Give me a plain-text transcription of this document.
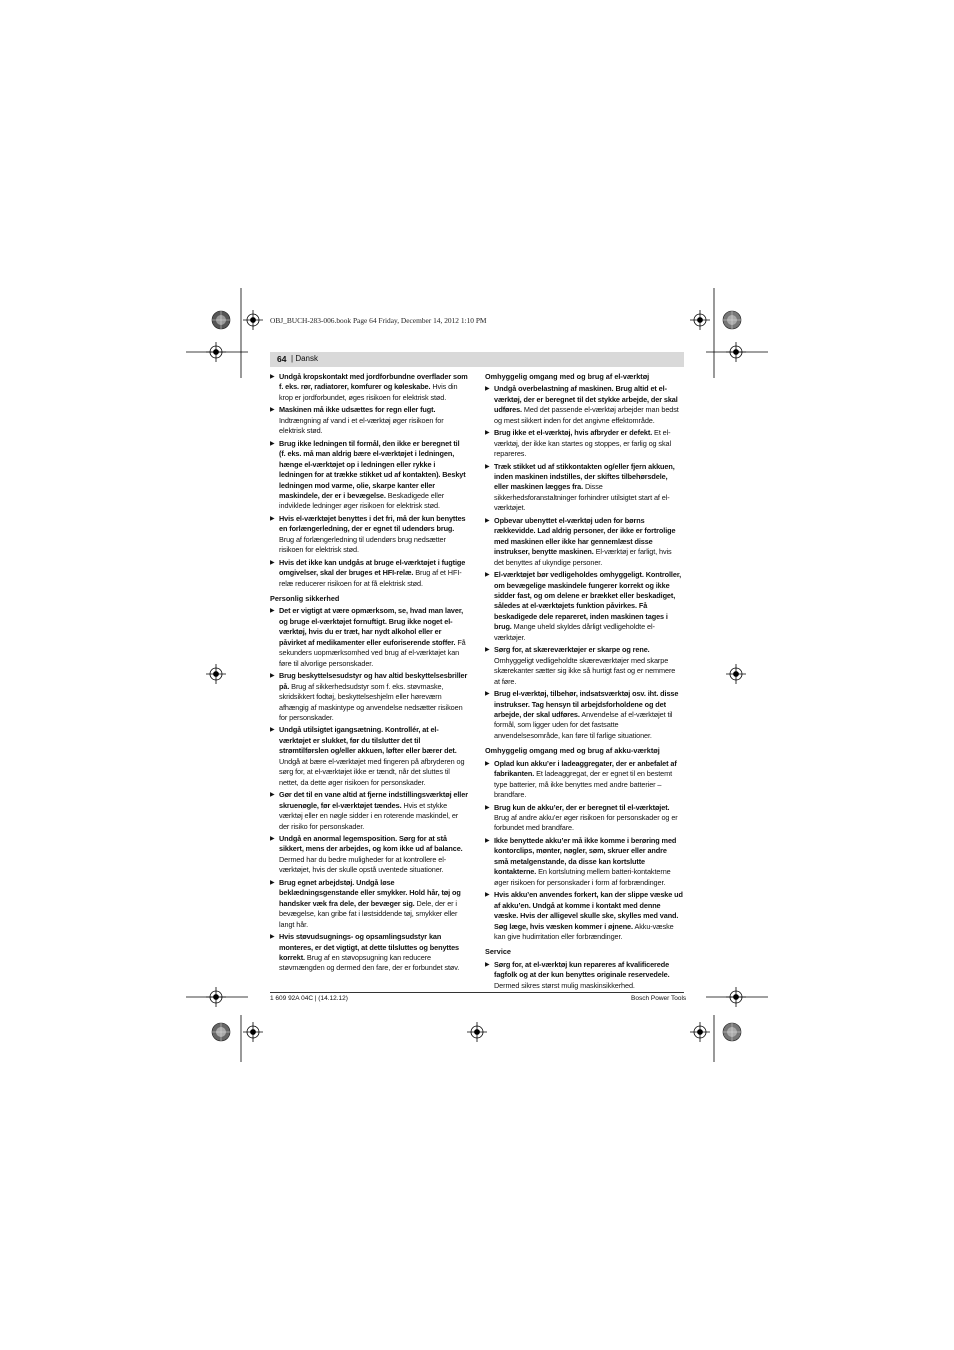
OBJ_BUCH-283-006.book Page 64 Friday, December 14, 2012 1:10 PM
64 | Dansk
▶ Undgå kropskontakt med jordforbundne overflader som f. eks. rør, radiatorer, komfurer og køleskabe. Hvis din krop er jordforbundet, øges risikoen for elektrisk stød.
▶ Maskinen må ikke udsættes for regn eller fugt. Indtrængning af vand i et el-værktøj øger risikoen for elektrisk stød.
▶ Brug ikke ledningen til formål, den ikke er beregnet til (f. eks. må man aldrig bære el-værktøjet i ledningen, hænge el-værktøjet op i ledningen eller rykke i ledningen for at trække stikket ud af kontakten). Beskyt ledningen mod varme, olie, skarpe kanter eller maskindele, der er i bevægelse. Beskadigede eller indviklede ledninger øger risikoen for elektrisk stød.
▶ Hvis el-værktøjet benyttes i det fri, må der kun benyttes en forlængerledning, der er egnet til udendørs brug. Brug af forlængerledning til udendørs brug nedsætter risikoen for elektrisk stød.
▶ Hvis det ikke kan undgås at bruge el-værktøjet i fugtige omgivelser, skal der bruges et HFI-relæ. Brug af et HFI-relæ reducerer risikoen for at få elektrisk stød.
Personlig sikkerhed
▶ Det er vigtigt at være opmærksom, se, hvad man laver, og bruge el-værktøjet fornuftigt. Brug ikke noget el-værktøj, hvis du er træt, har nydt alkohol eller er påvirket af medikamenter eller euforiserende stoffer. Få sekunders uopmærksomhed ved brug af el-værktøjet kan føre til alvorlige personskader.
▶ Brug beskyttelsesudstyr og hav altid beskyttelsesbriller på. Brug af sikkerhedsudstyr som f. eks. støvmaske, skridsikkert fodtøj, beskyttelseshjelm eller høreværn afhængig af maskintype og anvendelse nedsætter risikoen for personskader.
▶ Undgå utilsigtet igangsætning. Kontrollér, at el-værktøjet er slukket, før du tilslutter det til strømtilførslen og/eller akkuen, løfter eller bærer det. Undgå at bære el-værktøjet med fingeren på afbryderen og sørg for, at el-værktøjet ikke er tændt, når det sluttes til nettet, da dette øger risikoen for personskader.
▶ Gør det til en vane altid at fjerne indstillingsværktøj eller skruenøgle, før el-værktøjet tændes. Hvis et stykke værktøj eller en nøgle sidder i en roterende maskindel, er der risiko for personskader.
▶ Undgå en anormal legemsposition. Sørg for at stå sikkert, mens der arbejdes, og kom ikke ud af balance. Dermed har du bedre muligheder for at kontrollere el-værktøjet, hvis der skulle opstå uventede situationer.
▶ Brug egnet arbejdstøj. Undgå løse beklædningsgenstande eller smykker. Hold hår, tøj og handsker væk fra dele, der bevæger sig. Dele, der er i bevægelse, kan gribe fat i løstsiddende tøj, smykker eller langt hår.
▶ Hvis støvudsugnings- og opsamlingsudstyr kan monteres, er det vigtigt, at dette tilsluttes og benyttes korrekt. Brug af en støvopsugning kan reducere støvmængden og dermed den fare, der er forbundet støv.
Omhyggelig omgang med og brug af el-værktøj
▶ Undgå overbelastning af maskinen. Brug altid et el-værktøj, der er beregnet til det stykke arbejde, der skal udføres. Med det passende el-værktøj arbejder man bedst og mest sikkert inden for det angivne effektområde.
▶ Brug ikke et el-værktøj, hvis afbryder er defekt. Et el-værktøj, der ikke kan startes og stoppes, er farlig og skal repareres.
▶ Træk stikket ud af stikkontakten og/eller fjern akkuen, inden maskinen indstilles, der skiftes tilbehørsdele, eller maskinen lægges fra. Disse sikkerhedsforanstaltninger forhindrer utilsigtet start af el-værktøjet.
▶ Opbevar ubenyttet el-værktøj uden for børns rækkevidde. Lad aldrig personer, der ikke er fortrolige med maskinen eller ikke har gennemlæst disse instrukser, benytte maskinen. El-værktøj er farligt, hvis det benyttes af ukyndige personer.
▶ El-værktøjet bør vedligeholdes omhyggeligt. Kontroller, om bevægelige maskindele fungerer korrekt og ikke sidder fast, og om delene er brækket eller beskadiget, således at el-værktøjets funktion påvirkes. Få beskadigede dele repareret, inden maskinen tages i brug. Mange uheld skyldes dårligt vedligeholdte el-værktøjer.
▶ Sørg for, at skæreværktøjer er skarpe og rene. Omhyggeligt vedligeholdte skæreværktøjer med skarpe skærekanter sætter sig ikke så hurtigt fast og er nemmere at føre.
▶ Brug el-værktøj, tilbehør, indsatsværktøj osv. iht. disse instrukser. Tag hensyn til arbejdsforholdene og det arbejde, der skal udføres. Anvendelse af el-værktøjet til formål, som ligger uden for det fastsatte anvendelsesområde, kan føre til farlige situationer.
Omhyggelig omgang med og brug af akku-værktøj
▶ Oplad kun akku’er i ladeaggregater, der er anbefalet af fabrikanten. Et ladeaggregat, der er egnet til en bestemt type batterier, må ikke benyttes med andre batterier – brandfare.
▶ Brug kun de akku’er, der er beregnet til el-værktøjet. Brug af andre akku’er øger risikoen for personskader og er forbundet med brandfare.
▶ Ikke benyttede akku’er må ikke komme i berøring med kontorclips, mønter, nøgler, søm, skruer eller andre små metalgenstande, da disse kan kortslutte kontakterne. En kortslutning mellem batteri-kontakterne øger risikoen for personskader i form af forbrændinger.
▶ Hvis akku’en anvendes forkert, kan der slippe væske ud af akku’en. Undgå at komme i kontakt med denne væske. Hvis der alligevel skulle ske, skylles med vand. Søg læge, hvis væsken kommer i øjnene. Akku-væske kan give hudirritation eller forbrændinger.
Service
▶ Sørg for, at el-værktøj kun repareres af kvalificerede fagfolk og at der kun benyttes originale reservedele. Dermed sikres størst mulig maskinsikkerhed.
1 609 92A 04C | (14.12.12)	Bosch Power Tools
